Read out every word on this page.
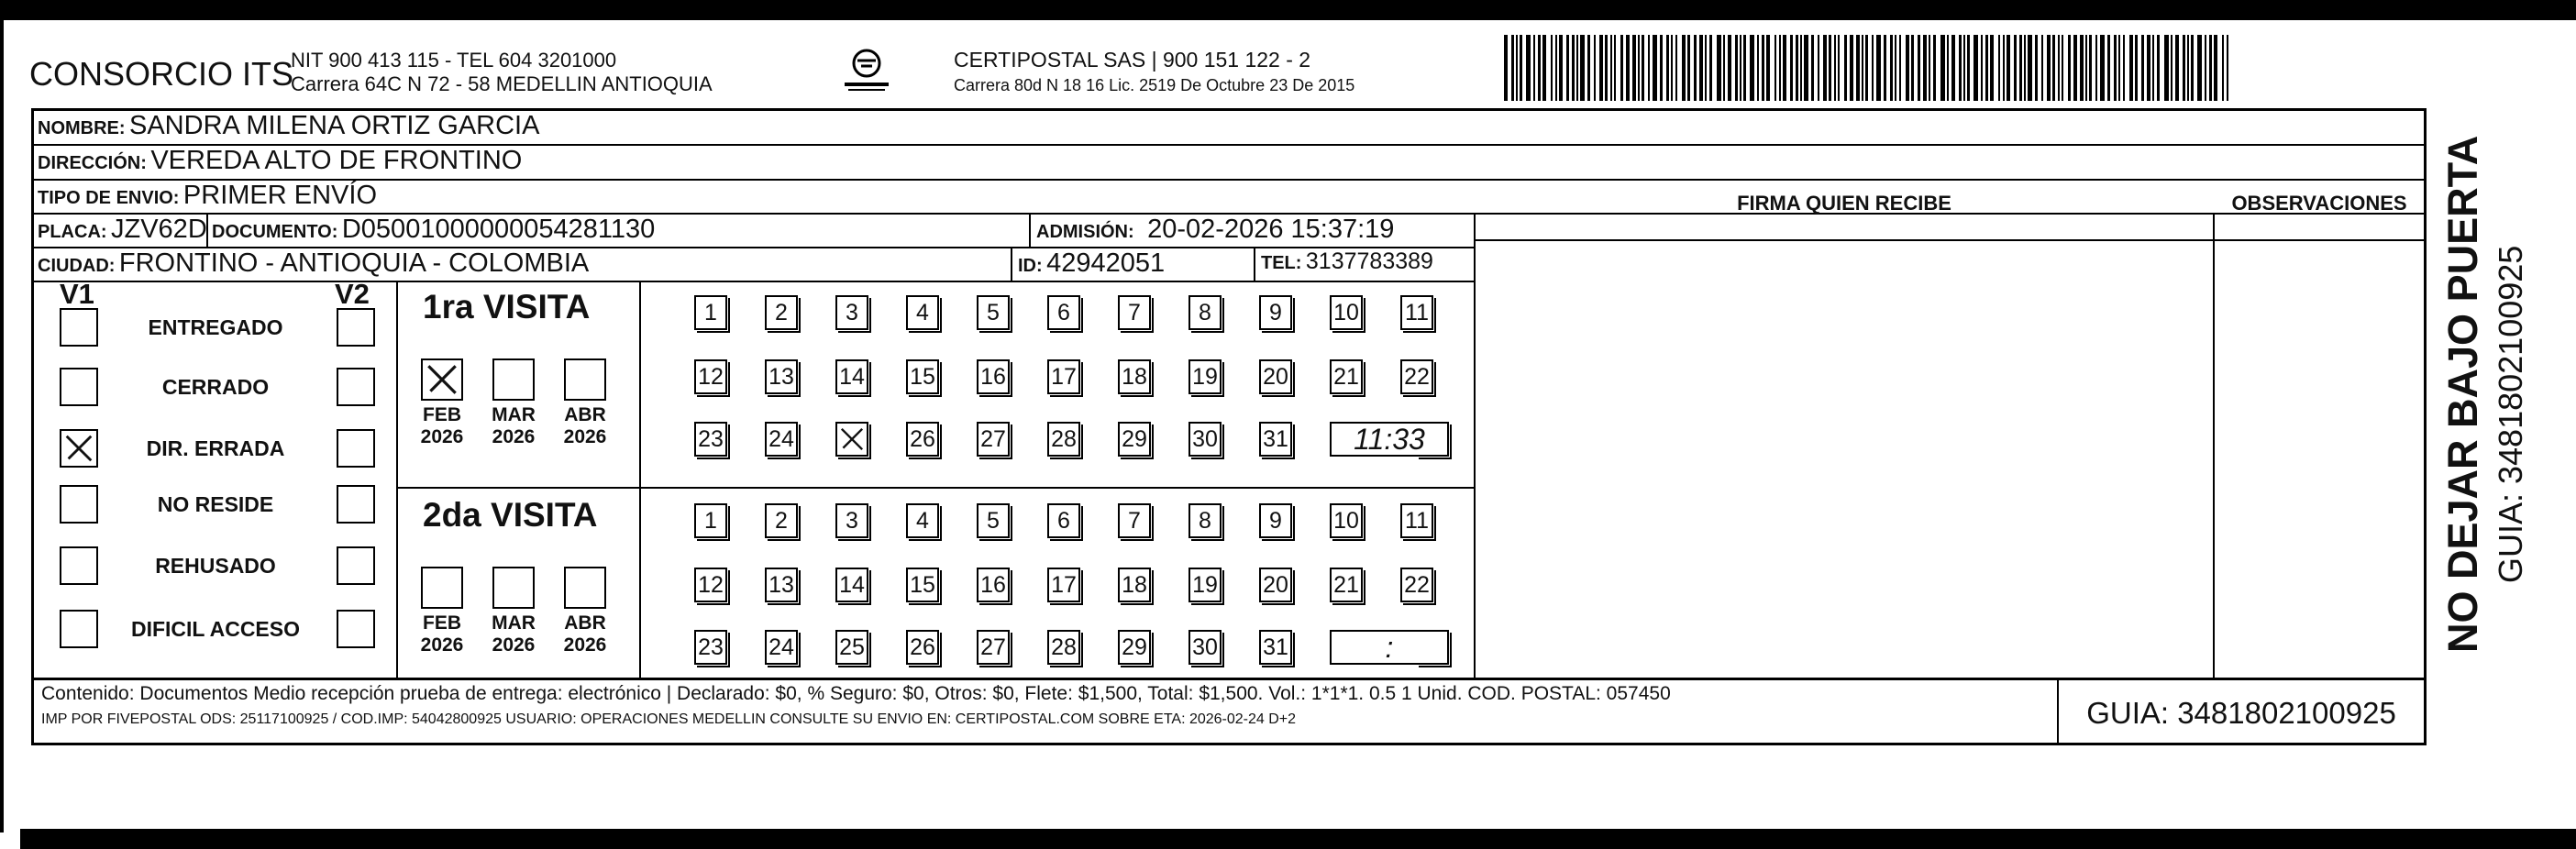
CONSORCIO ITS
NIT 900 413 115 - TEL 604 3201000
Carrera 64C N 72 - 58 MEDELLIN ANTIOQUIA
CERTIPOSTAL SAS | 900 151 122 - 2
Carrera 80d N 18 16 Lic. 2519 De Octubre 23 De 2015
NOMBRE: SANDRA MILENA ORTIZ GARCIA
DIRECCIÓN: VEREDA ALTO DE FRONTINO
TIPO DE ENVIO: PRIMER ENVÍO
PLACA: JZV62D DOCUMENTO: D05001000000054281130	ADMISIÓN: 20-02-2026 15:37:19
CIUDAD: FRONTINO - ANTIOQUIA - COLOMBIA	ID: 42942051	TEL: 3137783389
FIRMA QUIEN RECIBE	OBSERVACIONES
V1	V2
ENTREGADO
CERRADO
DIR. ERRADA
NO RESIDE
REHUSADO
DIFICIL ACCESO
1ra VISITA
FEB
2026
MAR
2026
ABR
2026
1	2	3	4	5	6	7	8	9	10 11
12 13 14 15 16 17 18 19 20 21 22
23 24	26 27 28 29 30 31	11:33
2da VISITA
FEB
2026
MAR
2026
ABR
2026
1	2	3	4	5	6	7	8	9	10 11
12 13 14 15 16 17 18 19 20 21 22
23 24 25 26 27 28 29 30 31	:
Contenido: Documentos Medio recepción prueba de entrega: electrónico | Declarado: $0, % Seguro: $0, Otros: $0, Flete: $1,500, Total: $1,500. Vol.: 1*1*1. 0.5 1 Unid. COD. POSTAL: 057450
IMP POR FIVEPOSTAL ODS: 25117100925 / COD.IMP: 54042800925 USUARIO: OPERACIONES MEDELLIN CONSULTE SU ENVIO EN: CERTIPOSTAL.COM SOBRE ETA: 2026-02-24 D+2	GUIA: 3481802100925
NO DEJAR BAJO PUERTA GUIA: 3481802100925
